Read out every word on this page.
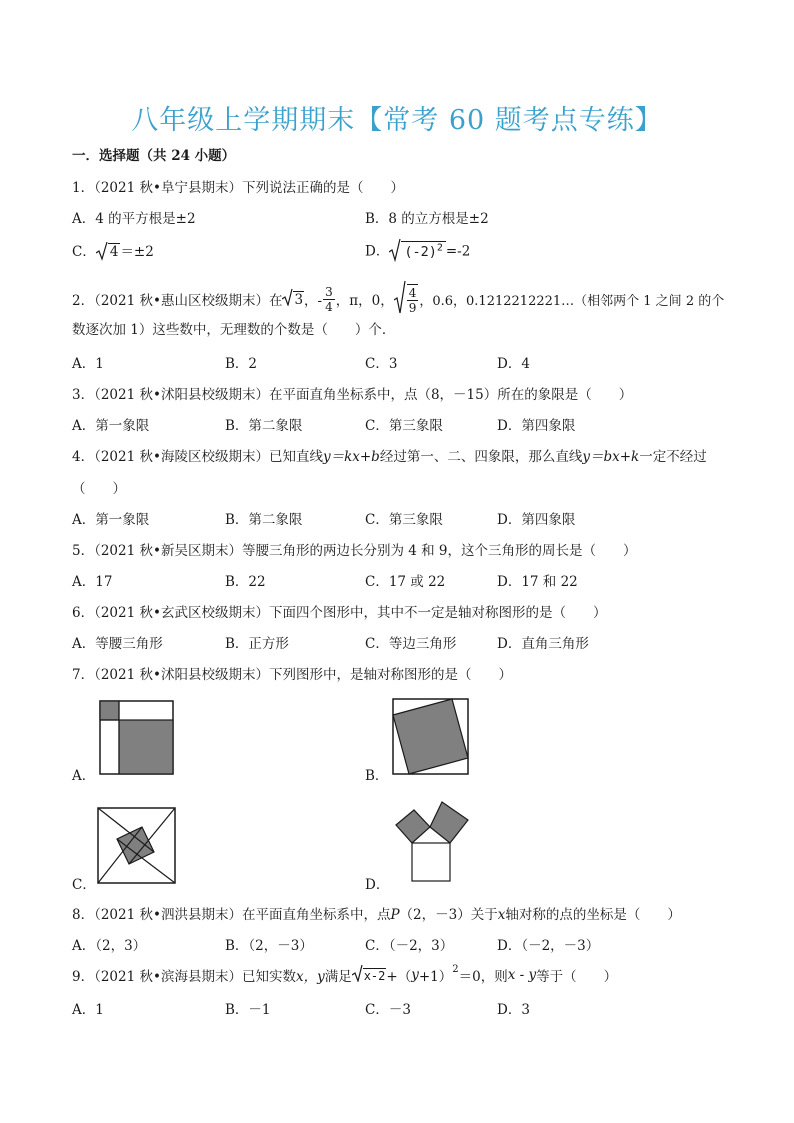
八年级上学期期末【常考 60 题考点专练】
一．选择题（共 24 小题）
1．（2021 秋•阜宁县期末）下列说法正确的是（　　）
A．4 的平方根是±2	B．8 的立方根是±2
C． 4 ＝±2	D． $(-2)^2 =-2$
2．（2021 秋•惠山区校级期末）在 3 ，- $\frac{3}{4}$ ，π，0， $\frac{4}{9}$ ，0.6，0.1212212221…（相邻两个 1 之间 2 的个
数逐次加 1）这些数中，无理数的个数是（　　）个．
A．1	B．2	C．3	D．4
3．（2021 秋•沭阳县校级期末）在平面直角坐标系中，点（8，－15）所在的象限是（　　）
A．第一象限	B．第二象限	C．第三象限	D．第四象限
4．（2021 秋•海陵区校级期末）已知直线y＝kx+b经过第一、二、四象限，那么直线y＝bx+k一定不经过
（　　）
A．第一象限	B．第二象限	C．第三象限	D．第四象限
5．（2021 秋•新吴区期末）等腰三角形的两边长分别为 4 和 9，这个三角形的周长是（　　）
A．17	B．22	C．17 或 22	D．17 和 22
6．（2021 秋•玄武区校级期末）下面四个图形中，其中不一定是轴对称图形的是（　　）
A．等腰三角形	B．正方形	C．等边三角形	D．直角三角形
7．（2021 秋•沭阳县校级期末）下列图形中，是轴对称图形的是（　　）
A．	B．
C．	D．
8．（2021 秋•泗洪县期末）在平面直角坐标系中，点P（2，－3）关于x轴对称的点的坐标是（　　）
A．（2，3）	B．（2，－3）	C．（－2，3）	D．（－2，－3）
9．（2021 秋•滨海县期末）已知实数 x，y 满足 x-2 +（ y +1）$^2$ ＝0，则 x - y 等于（　　）
A．1	B．－1	C．－3	D．3
